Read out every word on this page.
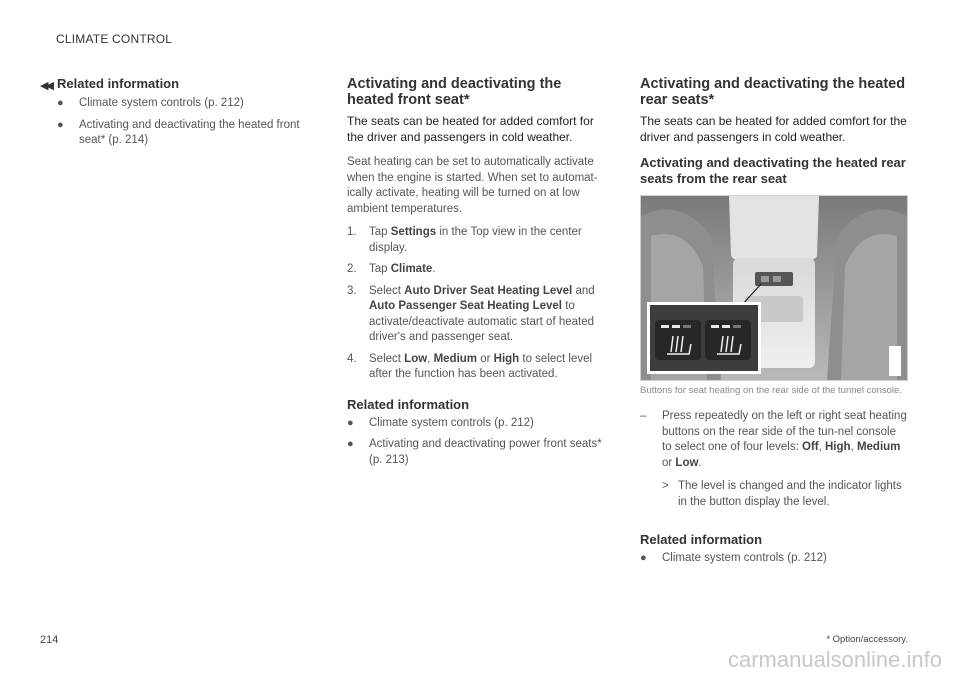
CLIMATE CONTROL
◀◀ Related information
● Climate system controls (p. 212)
● Activating and deactivating the heated front seat* (p. 214)
Activating and deactivating the heated front seat*

The seats can be heated for added comfort for the driver and passengers in cold weather.

Seat heating can be set to automatically activate when the engine is started. When set to automat-ically activate, heating will be turned on at low ambient temperatures.

1. Tap Settings in the Top view in the center display.
2. Tap Climate.
3. Select Auto Driver Seat Heating Level and Auto Passenger Seat Heating Level to activate/deactivate automatic start of heated driver's and passenger seat.
4. Select Low, Medium or High to select level after the function has been activated.
Related information
● Climate system controls (p. 212)
● Activating and deactivating power front seats* (p. 213)
Activating and deactivating the heated rear seats*

The seats can be heated for added comfort for the driver and passengers in cold weather.

Activating and deactivating the heated rear seats from the rear seat
Buttons for seat heating on the rear side of the tunnel console.
– Press repeatedly on the left or right seat heating buttons on the rear side of the tun-nel console to select one of four levels: Off, High, Medium or Low.
> The level is changed and the indicator lights in the button display the level.
Related information
● Climate system controls (p. 212)
214	* Option/accessory.
carmanualsonline.info
